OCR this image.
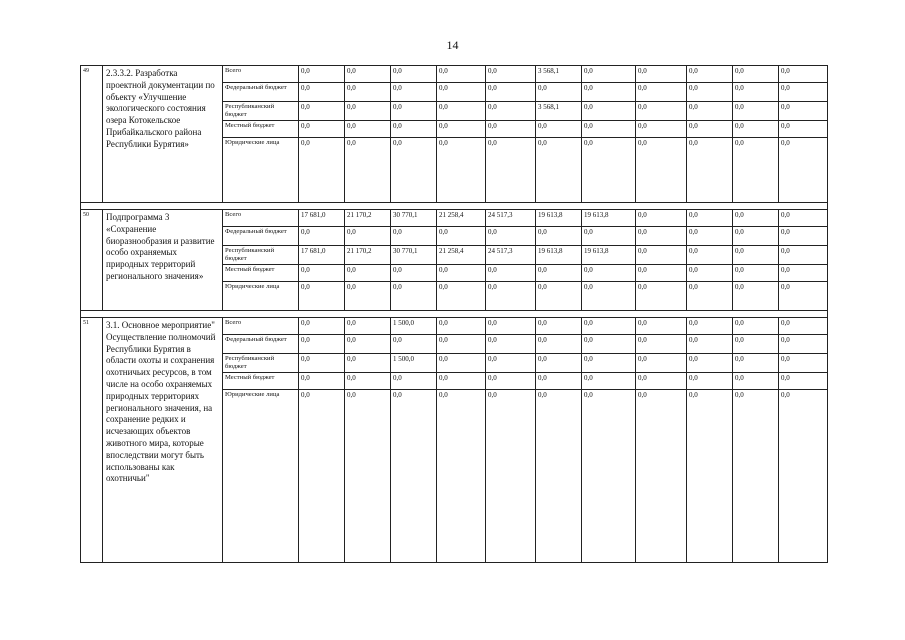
14
49	2.3.3.2. Разработка проектной документации по объекту «Улучшение экологического состояния озера Котокельское Прибайкальского района Республики Бурятия»	Всего	0,0	0,0	0,0	0,0	0,0	3 568,1	0,0	0,0	0,0	0,0	0,0
		Федеральный бюджет	0,0	0,0	0,0	0,0	0,0	0,0	0,0	0,0	0,0	0,0	0,0
		Республиканский бюджет	0,0	0,0	0,0	0,0	0,0	3 568,1	0,0	0,0	0,0	0,0	0,0
		Местный бюджет	0,0	0,0	0,0	0,0	0,0	0,0	0,0	0,0	0,0	0,0	0,0
		Юридические лица	0,0	0,0	0,0	0,0	0,0	0,0	0,0	0,0	0,0	0,0	0,0

50	Подпрограмма 3 «Сохранение биоразнообразия и развитие особо охраняемых природных территорий регионального значения»	Всего	17 681,0	21 170,2	30 770,1	21 258,4	24 517,3	19 613,8	19 613,8	0,0	0,0	0,0	0,0
		Федеральный бюджет	0,0	0,0	0,0	0,0	0,0	0,0	0,0	0,0	0,0	0,0	0,0
		Республиканский бюджет	17 681,0	21 170,2	30 770,1	21 258,4	24 517,3	19 613,8	19 613,8	0,0	0,0	0,0	0,0
		Местный бюджет	0,0	0,0	0,0	0,0	0,0	0,0	0,0	0,0	0,0	0,0	0,0
		Юридические лица	0,0	0,0	0,0	0,0	0,0	0,0	0,0	0,0	0,0	0,0	0,0

51	3.1. Основное мероприятие" Осуществление полномочий Республики Бурятия в области охоты и сохранения охотничьих ресурсов, в том числе на особо охраняемых природных территориях регионального значения, на сохранение редких и исчезающих объектов животного мира, которые впоследствии могут быть использованы как охотничьи"	Всего	0,0	0,0	1 500,0	0,0	0,0	0,0	0,0	0,0	0,0	0,0	0,0
		Федеральный бюджет	0,0	0,0	0,0	0,0	0,0	0,0	0,0	0,0	0,0	0,0	0,0
		Республиканский бюджет	0,0	0,0	1 500,0	0,0	0,0	0,0	0,0	0,0	0,0	0,0	0,0
		Местный бюджет	0,0	0,0	0,0	0,0	0,0	0,0	0,0	0,0	0,0	0,0	0,0
		Юридические лица	0,0	0,0	0,0	0,0	0,0	0,0	0,0	0,0	0,0	0,0	0,0
